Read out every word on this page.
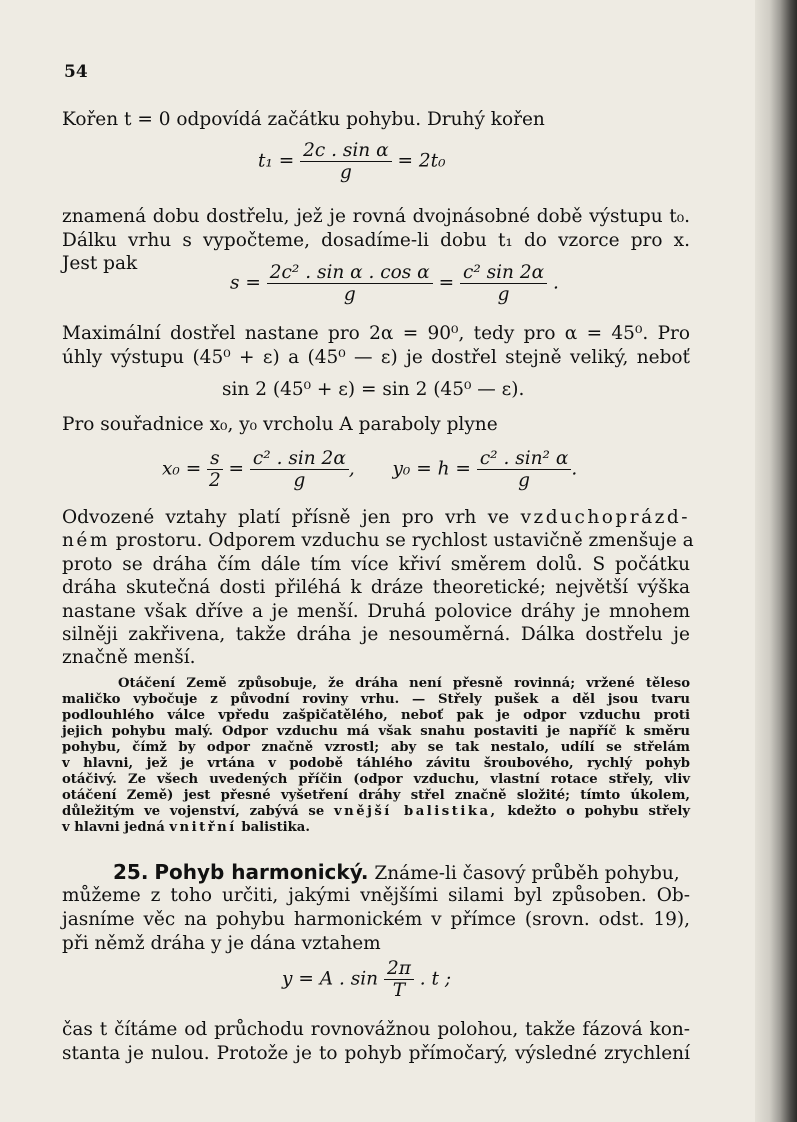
54
Kořen t = 0 odpovídá začátku pohybu. Druhý kořen
$t_1 = \frac{\text{2c . sin α}}{g} = 2t_0$
znamená dobu dostřelu, jež je rovná dvojnásobné době výstupu t₀.
Dálku vrhu s vypočteme, dosadíme-li dobu t₁ do vzorce pro x.
Jest pak
$s = \frac{\text{2c² . sin α . cos α}}{g} = \frac{\text{c² sin 2α}}{g}$ .
Maximální dostřel nastane pro 2α = 90⁰, tedy pro α = 45⁰. Pro
úhly výstupu (45⁰ + ε) a (45⁰ — ε) je dostřel stejně veliký, neboť
sin 2 (45⁰ + ε) = sin 2 (45⁰ — ε).
Pro souřadnice x₀, y₀ vrcholu A paraboly plyne
$x_0 = \frac{s}{2} = \frac{\text{c² . sin 2α}}{g}$ , $y_0 = h = \frac{\text{c² . sin² α}}{g}$ .
Odvozené vztahy platí přísně jen pro vrh ve vzduchoprázd-
ném prostoru. Odporem vzduchu se rychlost ustavičně zmenšuje a
proto se dráha čím dále tím více křiví směrem dolů. S počátku
dráha skutečná dosti přiléhá k dráze theoretické; největší výška
nastane však dříve a je menší. Druhá polovice dráhy je mnohem
silněji zakřivena, takže dráha je nesouměrná. Dálka dostřelu je
značně menší.
Otáčení Země způsobuje, že dráha není přesně rovinná; vržené těleso
maličko vybočuje z původní roviny vrhu. — Střely pušek a děl jsou tvaru
podlouhlého válce vpředu zašpičatělého, neboť pak je odpor vzduchu proti
jejich pohybu malý. Odpor vzduchu má však snahu postaviti je napříč k směru
pohybu, čímž by odpor značně vzrostl; aby se tak nestalo, udílí se střelám
v hlavni, jež je vrtána v podobě táhlého závitu šroubového, rychlý pohyb
otáčivý. Ze všech uvedených příčin (odpor vzduchu, vlastní rotace střely, vliv
otáčení Země) jest přesné vyšetření dráhy střel značně složité; tímto úkolem,
důležitým ve vojenství, zabývá se vnější balistika, kdežto o pohybu střely
v hlavni jedná vnitřní balistika.
25. Pohyb harmonický. Známe-li časový průběh pohybu,
můžeme z toho určiti, jakými vnějšími silami byl způsoben. Ob-
jasníme věc na pohybu harmonickém v přímce (srovn. odst. 19),
při němž dráha y je dána vztahem
y = A . $\sin \frac{2\pi}{T}$ . t ;
čas t čítáme od průchodu rovnovážnou polohou, takže fázová kon-
stanta je nulou. Protože je to pohyb přímočarý, výsledné zrychlení
